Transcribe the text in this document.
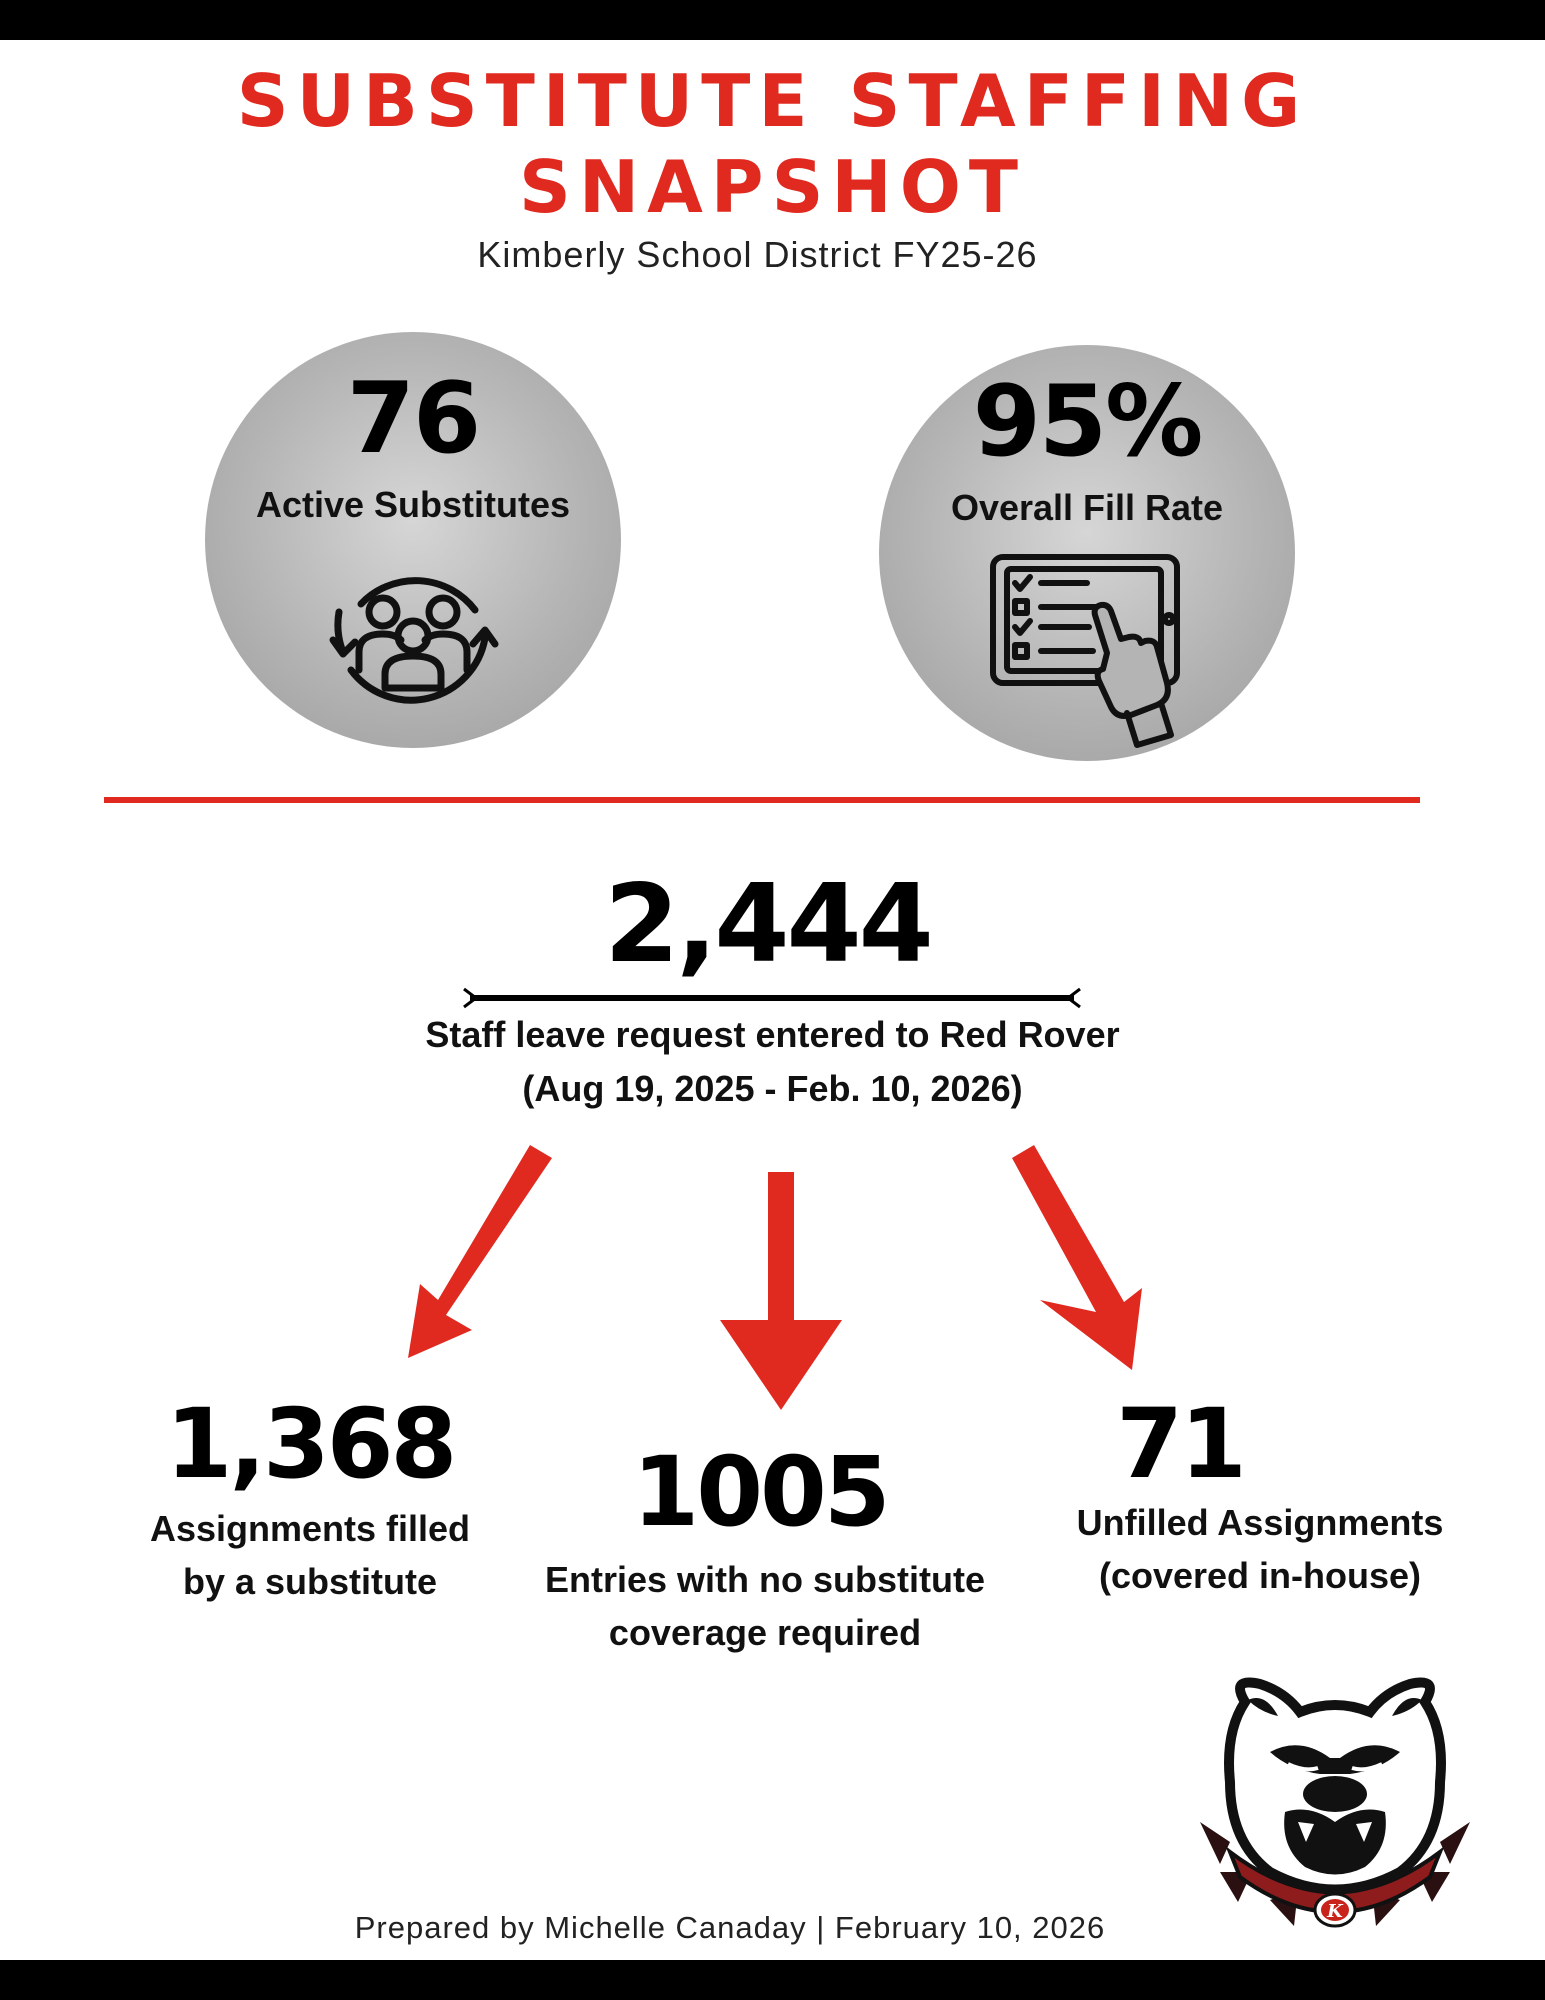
SUBSTITUTE STAFFING
SNAPSHOT
Kimberly School District FY25-26
76
Active Substitutes
95%
Overall Fill Rate
2,444
Staff leave request entered to Red Rover
(Aug 19, 2025 - Feb. 10, 2026)
1,368
Assignments filled
by a substitute
1005
Entries with no substitute
coverage required
71
Unfilled Assignments
(covered in-house)
K
Prepared by Michelle Canaday | February 10, 2026
